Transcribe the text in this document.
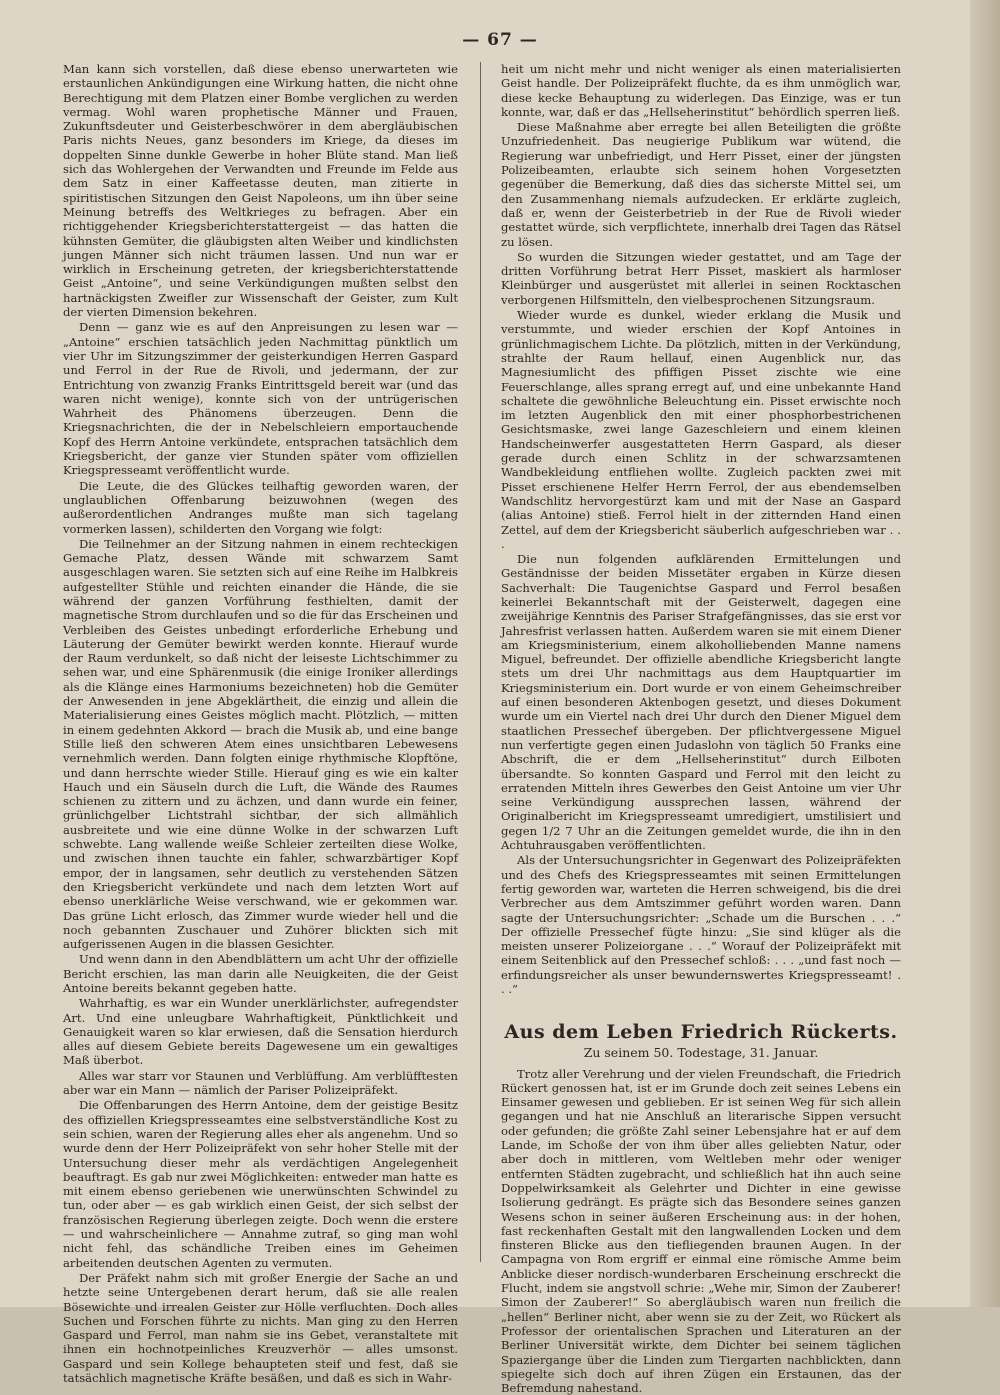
— 67 —

Man kann sich vorstellen, daß diese ebenso unerwarteten wie erstaunlichen Ankündigungen eine Wirkung hatten, die nicht ohne Berechtigung mit dem Platzen einer Bombe verglichen zu werden vermag. Wohl waren prophetische Männer und Frauen, Zukunftsdeuter und Geisterbeschwörer in dem abergläubischen Paris nichts Neues, ganz besonders im Kriege, da dieses im doppelten Sinne dunkle Gewerbe in hoher Blüte stand. Man ließ sich das Wohlergehen der Verwandten und Freunde im Felde aus dem Satz in einer Kaffeetasse deuten, man zitierte in spiritistischen Sitzungen den Geist Napoleons, um ihn über seine Meinung betreffs des Weltkrieges zu befragen. Aber ein richtiggehender Kriegsberichterstattergeist — das hatten die kühnsten Gemüter, die gläubigsten alten Weiber und kindlichsten jungen Männer sich nicht träumen lassen. Und nun war er wirklich in Erscheinung getreten, der kriegsberichterstattende Geist „Antoine“, und seine Verkündigungen mußten selbst den hartnäckigsten Zweifler zur Wissenschaft der Geister, zum Kult der vierten Dimension bekehren.

Denn — ganz wie es auf den Anpreisungen zu lesen war — „Antoine“ erschien tatsächlich jeden Nachmittag pünktlich um vier Uhr im Sitzungszimmer der geisterkundigen Herren Gaspard und Ferrol in der Rue de Rivoli, und jedermann, der zur Entrichtung von zwanzig Franks Eintrittsgeld bereit war (und das waren nicht wenige), konnte sich von der untrügerischen Wahrheit des Phänomens überzeugen. Denn die Kriegsnachrichten, die der in Nebelschleiern emportauchende Kopf des Herrn Antoine verkündete, entsprachen tatsächlich dem Kriegsbericht, der ganze vier Stunden später vom offiziellen Kriegspresseamt veröffentlicht wurde.

Die Leute, die des Glückes teilhaftig geworden waren, der unglaublichen Offenbarung beizuwohnen (wegen des außerordentlichen Andranges mußte man sich tagelang vormerken lassen), schilderten den Vorgang wie folgt:

Die Teilnehmer an der Sitzung nahmen in einem rechteckigen Gemache Platz, dessen Wände mit schwarzem Samt ausgeschlagen waren. Sie setzten sich auf eine Reihe im Halbkreis aufgestellter Stühle und reichten einander die Hände, die sie während der ganzen Vorführung festhielten, damit der magnetische Strom durchlaufen und so die für das Erscheinen und Verbleiben des Geistes unbedingt erforderliche Erhebung und Läuterung der Gemüter bewirkt werden konnte. Hierauf wurde der Raum verdunkelt, so daß nicht der leiseste Lichtschimmer zu sehen war, und eine Sphärenmusik (die einige Ironiker allerdings als die Klänge eines Harmoniums bezeichneten) hob die Gemüter der Anwesenden in jene Abgeklärtheit, die einzig und allein die Materialisierung eines Geistes möglich macht. Plötzlich, — mitten in einem gedehnten Akkord — brach die Musik ab, und eine bange Stille ließ den schweren Atem eines unsichtbaren Lebewesens vernehmlich werden. Dann folgten einige rhythmische Klopftöne, und dann herrschte wieder Stille. Hierauf ging es wie ein kalter Hauch und ein Säuseln durch die Luft, die Wände des Raumes schienen zu zittern und zu ächzen, und dann wurde ein feiner, grünlichgelber Lichtstrahl sichtbar, der sich allmählich ausbreitete und wie eine dünne Wolke in der schwarzen Luft schwebte. Lang wallende weiße Schleier zerteilten diese Wolke, und zwischen ihnen tauchte ein fahler, schwarzbärtiger Kopf empor, der in langsamen, sehr deutlich zu verstehenden Sätzen den Kriegsbericht verkündete und nach dem letzten Wort auf ebenso unerklärliche Weise verschwand, wie er gekommen war. Das grüne Licht erlosch, das Zimmer wurde wieder hell und die noch gebannten Zuschauer und Zuhörer blickten sich mit aufgerissenen Augen in die blassen Gesichter.

Und wenn dann in den Abendblättern um acht Uhr der offizielle Bericht erschien, las man darin alle Neuigkeiten, die der Geist Antoine bereits bekannt gegeben hatte.

Wahrhaftig, es war ein Wunder unerklärlichster, aufregendster Art. Und eine unleugbare Wahrhaftigkeit, Pünktlichkeit und Genauigkeit waren so klar erwiesen, daß die Sensation hierdurch alles auf diesem Gebiete bereits Dagewesene um ein gewaltiges Maß überbot.

Alles war starr vor Staunen und Verblüffung. Am verblüfftesten aber war ein Mann — nämlich der Pariser Polizeipräfekt.

Die Offenbarungen des Herrn Antoine, dem der geistige Besitz des offiziellen Kriegspresseamtes eine selbstverständliche Kost zu sein schien, waren der Regierung alles eher als angenehm. Und so wurde denn der Herr Polizeipräfekt von sehr hoher Stelle mit der Untersuchung dieser mehr als verdächtigen Angelegenheit beauftragt. Es gab nur zwei Möglichkeiten: entweder man hatte es mit einem ebenso geriebenen wie unerwünschten Schwindel zu tun, oder aber — es gab wirklich einen Geist, der sich selbst der französischen Regierung überlegen zeigte. Doch wenn die erstere — und wahrscheinlichere — Annahme zutraf, so ging man wohl nicht fehl, das schändliche Treiben eines im Geheimen arbeitenden deutschen Agenten zu vermuten.

Der Präfekt nahm sich mit großer Energie der Sache an und hetzte seine Untergebenen derart herum, daß sie alle realen Bösewichte und irrealen Geister zur Hölle verfluchten. Doch alles Suchen und Forschen führte zu nichts. Man ging zu den Herren Gaspard und Ferrol, man nahm sie ins Gebet, veranstaltete mit ihnen ein hochnotpeinliches Kreuzverhör — alles umsonst. Gaspard und sein Kollege behaupteten steif und fest, daß sie tatsächlich magnetische Kräfte besäßen, und daß es sich in Wahr-

heit um nicht mehr und nicht weniger als einen materialisierten Geist handle. Der Polizeipräfekt fluchte, da es ihm unmöglich war, diese kecke Behauptung zu widerlegen. Das Einzige, was er tun konnte, war, daß er das „Hellseherinstitut“ behördlich sperren ließ.

Diese Maßnahme aber erregte bei allen Beteiligten die größte Unzufriedenheit. Das neugierige Publikum war wütend, die Regierung war unbefriedigt, und Herr Pisset, einer der jüngsten Polizeibeamten, erlaubte sich seinem hohen Vorgesetzten gegenüber die Bemerkung, daß dies das sicherste Mittel sei, um den Zusammenhang niemals aufzudecken. Er erklärte zugleich, daß er, wenn der Geisterbetrieb in der Rue de Rivoli wieder gestattet würde, sich verpflichtete, innerhalb drei Tagen das Rätsel zu lösen.

So wurden die Sitzungen wieder gestattet, und am Tage der dritten Vorführung betrat Herr Pisset, maskiert als harmloser Kleinbürger und ausgerüstet mit allerlei in seinen Rocktaschen verborgenen Hilfsmitteln, den vielbesprochenen Sitzungsraum.

Wieder wurde es dunkel, wieder erklang die Musik und verstummte, und wieder erschien der Kopf Antoines in grünlichmagischem Lichte. Da plötzlich, mitten in der Verkündung, strahlte der Raum hellauf, einen Augenblick nur, das Magnesiumlicht des pfiffigen Pisset zischte wie eine Feuerschlange, alles sprang erregt auf, und eine unbekannte Hand schaltete die gewöhnliche Beleuchtung ein. Pisset erwischte noch im letzten Augenblick den mit einer phosphorbestrichenen Gesichtsmaske, zwei lange Gazeschleiern und einem kleinen Handscheinwerfer ausgestatteten Herrn Gaspard, als dieser gerade durch einen Schlitz in der schwarzsamtenen Wandbekleidung entfliehen wollte. Zugleich packten zwei mit Pisset erschienene Helfer Herrn Ferrol, der aus ebendemselben Wandschlitz hervorgestürzt kam und mit der Nase an Gaspard (alias Antoine) stieß. Ferrol hielt in der zitternden Hand einen Zettel, auf dem der Kriegsbericht säuberlich aufgeschrieben war . . .

Die nun folgenden aufklärenden Ermittelungen und Geständnisse der beiden Missetäter ergaben in Kürze diesen Sachverhalt: Die Taugenichtse Gaspard und Ferrol besaßen keinerlei Bekanntschaft mit der Geisterwelt, dagegen eine zweijährige Kenntnis des Pariser Strafgefängnisses, das sie erst vor Jahresfrist verlassen hatten. Außerdem waren sie mit einem Diener am Kriegsministerium, einem alkoholliebenden Manne namens Miguel, befreundet. Der offizielle abendliche Kriegsbericht langte stets um drei Uhr nachmittags aus dem Hauptquartier im Kriegsministerium ein. Dort wurde er von einem Geheimschreiber auf einen besonderen Aktenbogen gesetzt, und dieses Dokument wurde um ein Viertel nach drei Uhr durch den Diener Miguel dem staatlichen Pressechef übergeben. Der pflichtvergessene Miguel nun verfertigte gegen einen Judaslohn von täglich 50 Franks eine Abschrift, die er dem „Hellseherinstitut“ durch Eilboten übersandte. So konnten Gaspard und Ferrol mit den leicht zu erratenden Mitteln ihres Gewerbes den Geist Antoine um vier Uhr seine Verkündigung aussprechen lassen, während der Originalbericht im Kriegspresseamt umredigiert, umstilisiert und gegen 1/2 7 Uhr an die Zeitungen gemeldet wurde, die ihn in den Achtuhrausgaben veröffentlichten.

Als der Untersuchungsrichter in Gegenwart des Polizeipräfekten und des Chefs des Kriegspresseamtes mit seinen Ermittelungen fertig geworden war, warteten die Herren schweigend, bis die drei Verbrecher aus dem Amtszimmer geführt worden waren. Dann sagte der Untersuchungsrichter: „Schade um die Burschen . . .“ Der offizielle Pressechef fügte hinzu: „Sie sind klüger als die meisten unserer Polizeiorgane . . .“ Worauf der Polizeipräfekt mit einem Seitenblick auf den Pressechef schloß: . . . „und fast noch — erfindungsreicher als unser bewundernswertes Kriegspresseamt! . . .“

Aus dem Leben Friedrich Rückerts.
Zu seinem 50. Todestage, 31. Januar.

Trotz aller Verehrung und der vielen Freundschaft, die Friedrich Rückert genossen hat, ist er im Grunde doch zeit seines Lebens ein Einsamer gewesen und geblieben. Er ist seinen Weg für sich allein gegangen und hat nie Anschluß an literarische Sippen versucht oder gefunden; die größte Zahl seiner Lebensjahre hat er auf dem Lande, im Schoße der von ihm über alles geliebten Natur, oder aber doch in mittleren, vom Weltleben mehr oder weniger entfernten Städten zugebracht, und schließlich hat ihn auch seine Doppelwirksamkeit als Gelehrter und Dichter in eine gewisse Isolierung gedrängt. Es prägte sich das Besondere seines ganzen Wesens schon in seiner äußeren Erscheinung aus: in der hohen, fast reckenhaften Gestalt mit den langwallenden Locken und dem finsteren Blicke aus den tiefliegenden braunen Augen. In der Campagna von Rom ergriff er einmal eine römische Amme beim Anblicke dieser nordisch-wunderbaren Erscheinung erschreckt die Flucht, indem sie angstvoll schrie: „Wehe mir, Simon der Zauberer! Simon der Zauberer!“ So abergläubisch waren nun freilich die „hellen“ Berliner nicht, aber wenn sie zu der Zeit, wo Rückert als Professor der orientalischen Sprachen und Literaturen an der Berliner Universität wirkte, dem Dichter bei seinem täglichen Spaziergange über die Linden zum Tiergarten nachblickten, dann spiegelte sich doch auf ihren Zügen ein Erstaunen, das der Befremdung nahestand.
